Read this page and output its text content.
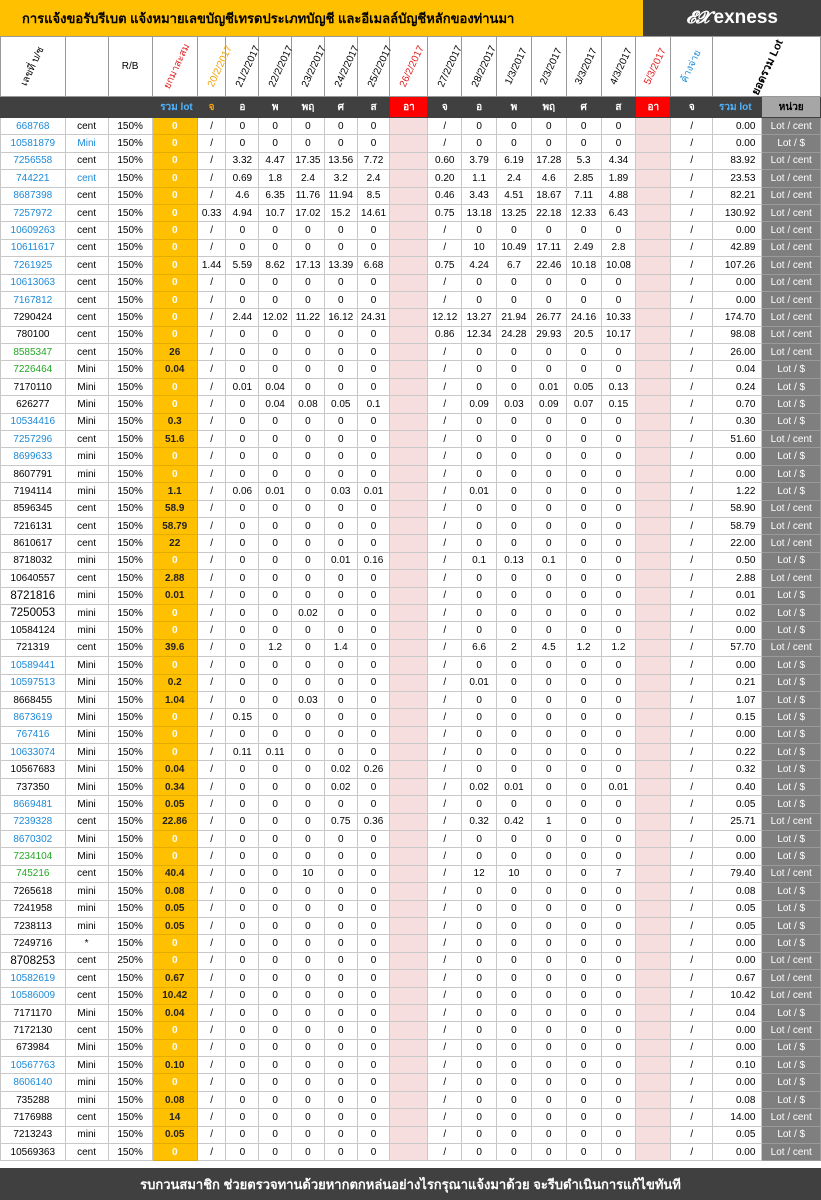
การแจ้งขอรับรีเบต แจ้งหมายเลขบัญชีเทรดประเภทบัญชี และอีเมลล์บัญชีหลักของท่านมา	𝓔𝓧 exness
เลขที่ บ/ช		R/B	ยกมาสะสม	20/2/2017	21/2/2017	22/2/2017	23/2/2017	24/2/2017	25/2/2017	26/2/2017	27/2/2017	28/2/2017	1/3/2017	2/3/2017	3/3/2017	4/3/2017	5/3/2017	ค้างจ่าย	ยอดรวม Lot	
			รวม lot	จ	อ	พ	พฤ	ศ	ส	อา	จ	อ	พ	พฤ	ศ	ส	อา	จ	รวม lot	หน่วย
668768	cent	150%	0	/	0	0	0	0	0		/	0	0	0	0	0		/	0.00	Lot / cent
10581879	Mini	150%	0	/	0	0	0	0	0		/	0	0	0	0	0		/	0.00	Lot / $
7256558	cent	150%	0	/	3.32	4.47	17.35	13.56	7.72		0.60	3.79	6.19	17.28	5.3	4.34		/	83.92	Lot / cent
744221	cent	150%	0	/	0.69	1.8	2.4	3.2	2.4		0.20	1.1	2.4	4.6	2.85	1.89		/	23.53	Lot / cent
8687398	cent	150%	0	/	4.6	6.35	11.76	11.94	8.5		0.46	3.43	4.51	18.67	7.11	4.88		/	82.21	Lot / cent
7257972	cent	150%	0	0.33	4.94	10.7	17.02	15.2	14.61		0.75	13.18	13.25	22.18	12.33	6.43		/	130.92	Lot / cent
10609263	cent	150%	0	/	0	0	0	0	0		/	0	0	0	0	0		/	0.00	Lot / cent
10611617	cent	150%	0	/	0	0	0	0	0		/	10	10.49	17.11	2.49	2.8		/	42.89	Lot / cent
7261925	cent	150%	0	1.44	5.59	8.62	17.13	13.39	6.68		0.75	4.24	6.7	22.46	10.18	10.08		/	107.26	Lot / cent
10613063	cent	150%	0	/	0	0	0	0	0		/	0	0	0	0	0		/	0.00	Lot / cent
7167812	cent	150%	0	/	0	0	0	0	0		/	0	0	0	0	0		/	0.00	Lot / cent
7290424	cent	150%	0	/	2.44	12.02	11.22	16.12	24.31		12.12	13.27	21.94	26.77	24.16	10.33		/	174.70	Lot / cent
780100	cent	150%	0	/	0	0	0	0	0		0.86	12.34	24.28	29.93	20.5	10.17		/	98.08	Lot / cent
8585347	cent	150%	26	/	0	0	0	0	0		/	0	0	0	0	0		/	26.00	Lot / cent
7226464	Mini	150%	0.04	/	0	0	0	0	0		/	0	0	0	0	0		/	0.04	Lot / $
7170110	Mini	150%	0	/	0.01	0.04	0	0	0		/	0	0	0.01	0.05	0.13		/	0.24	Lot / $
626277	Mini	150%	0	/	0	0.04	0.08	0.05	0.1		/	0.09	0.03	0.09	0.07	0.15		/	0.70	Lot / $
10534416	Mini	150%	0.3	/	0	0	0	0	0		/	0	0	0	0	0		/	0.30	Lot / $
7257296	cent	150%	51.6	/	0	0	0	0	0		/	0	0	0	0	0		/	51.60	Lot / cent
8699633	mini	150%	0	/	0	0	0	0	0		/	0	0	0	0	0		/	0.00	Lot / $
8607791	mini	150%	0	/	0	0	0	0	0		/	0	0	0	0	0		/	0.00	Lot / $
7194114	mini	150%	1.1	/	0.06	0.01	0	0.03	0.01		/	0.01	0	0	0	0		/	1.22	Lot / $
8596345	cent	150%	58.9	/	0	0	0	0	0		/	0	0	0	0	0		/	58.90	Lot / cent
7216131	cent	150%	58.79	/	0	0	0	0	0		/	0	0	0	0	0		/	58.79	Lot / cent
8610617	cent	150%	22	/	0	0	0	0	0		/	0	0	0	0	0		/	22.00	Lot / cent
8718032	mini	150%	0	/	0	0	0	0.01	0.16		/	0.1	0.13	0.1	0	0		/	0.50	Lot / $
10640557	cent	150%	2.88	/	0	0	0	0	0		/	0	0	0	0	0		/	2.88	Lot / cent
8721816	mini	150%	0.01	/	0	0	0	0	0		/	0	0	0	0	0		/	0.01	Lot / $
7250053	mini	150%	0	/	0	0	0.02	0	0		/	0	0	0	0	0		/	0.02	Lot / $
10584124	mini	150%	0	/	0	0	0	0	0		/	0	0	0	0	0		/	0.00	Lot / $
721319	cent	150%	39.6	/	0	1.2	0	1.4	0		/	6.6	2	4.5	1.2	1.2		/	57.70	Lot / cent
10589441	Mini	150%	0	/	0	0	0	0	0		/	0	0	0	0	0		/	0.00	Lot / $
10597513	Mini	150%	0.2	/	0	0	0	0	0		/	0.01	0	0	0	0		/	0.21	Lot / $
8668455	Mini	150%	1.04	/	0	0	0.03	0	0		/	0	0	0	0	0		/	1.07	Lot / $
8673619	Mini	150%	0	/	0.15	0	0	0	0		/	0	0	0	0	0		/	0.15	Lot / $
767416	Mini	150%	0	/	0	0	0	0	0		/	0	0	0	0	0		/	0.00	Lot / $
10633074	Mini	150%	0	/	0.11	0.11	0	0	0		/	0	0	0	0	0		/	0.22	Lot / $
10567683	Mini	150%	0.04	/	0	0	0	0.02	0.26		/	0	0	0	0	0		/	0.32	Lot / $
737350	Mini	150%	0.34	/	0	0	0	0.02	0		/	0.02	0.01	0	0	0.01		/	0.40	Lot / $
8669481	Mini	150%	0.05	/	0	0	0	0	0		/	0	0	0	0	0		/	0.05	Lot / $
7239328	cent	150%	22.86	/	0	0	0	0.75	0.36		/	0.32	0.42	1	0	0		/	25.71	Lot / cent
8670302	Mini	150%	0	/	0	0	0	0	0		/	0	0	0	0	0		/	0.00	Lot / $
7234104	Mini	150%	0	/	0	0	0	0	0		/	0	0	0	0	0		/	0.00	Lot / $
745216	cent	150%	40.4	/	0	0	10	0	0		/	12	10	0	0	7		/	79.40	Lot / cent
7265618	mini	150%	0.08	/	0	0	0	0	0		/	0	0	0	0	0		/	0.08	Lot / $
7241958	mini	150%	0.05	/	0	0	0	0	0		/	0	0	0	0	0		/	0.05	Lot / $
7238113	mini	150%	0.05	/	0	0	0	0	0		/	0	0	0	0	0		/	0.05	Lot / $
7249716	*	150%	0	/	0	0	0	0	0		/	0	0	0	0	0		/	0.00	Lot / $
8708253	cent	250%	0	/	0	0	0	0	0		/	0	0	0	0	0		/	0.00	Lot / cent
10582619	cent	150%	0.67	/	0	0	0	0	0		/	0	0	0	0	0		/	0.67	Lot / cent
10586009	cent	150%	10.42	/	0	0	0	0	0		/	0	0	0	0	0		/	10.42	Lot / cent
7171170	Mini	150%	0.04	/	0	0	0	0	0		/	0	0	0	0	0		/	0.04	Lot / $
7172130	cent	150%	0	/	0	0	0	0	0		/	0	0	0	0	0		/	0.00	Lot / cent
673984	Mini	150%	0	/	0	0	0	0	0		/	0	0	0	0	0		/	0.00	Lot / $
10567763	Mini	150%	0.10	/	0	0	0	0	0		/	0	0	0	0	0		/	0.10	Lot / $
8606140	mini	150%	0	/	0	0	0	0	0		/	0	0	0	0	0		/	0.00	Lot / $
735288	mini	150%	0.08	/	0	0	0	0	0		/	0	0	0	0	0		/	0.08	Lot / $
7176988	cent	150%	14	/	0	0	0	0	0		/	0	0	0	0	0		/	14.00	Lot / cent
7213243	mini	150%	0.05	/	0	0	0	0	0		/	0	0	0	0	0		/	0.05	Lot / $
10569363	cent	150%	0	/	0	0	0	0	0		/	0	0	0	0	0		/	0.00	Lot / cent
รบกวนสมาชิก ช่วยตรวจทานด้วยหากตกหล่นอย่างไรกรุณาแจ้งมาด้วย จะรีบดำเนินการแก้ไขทันที
